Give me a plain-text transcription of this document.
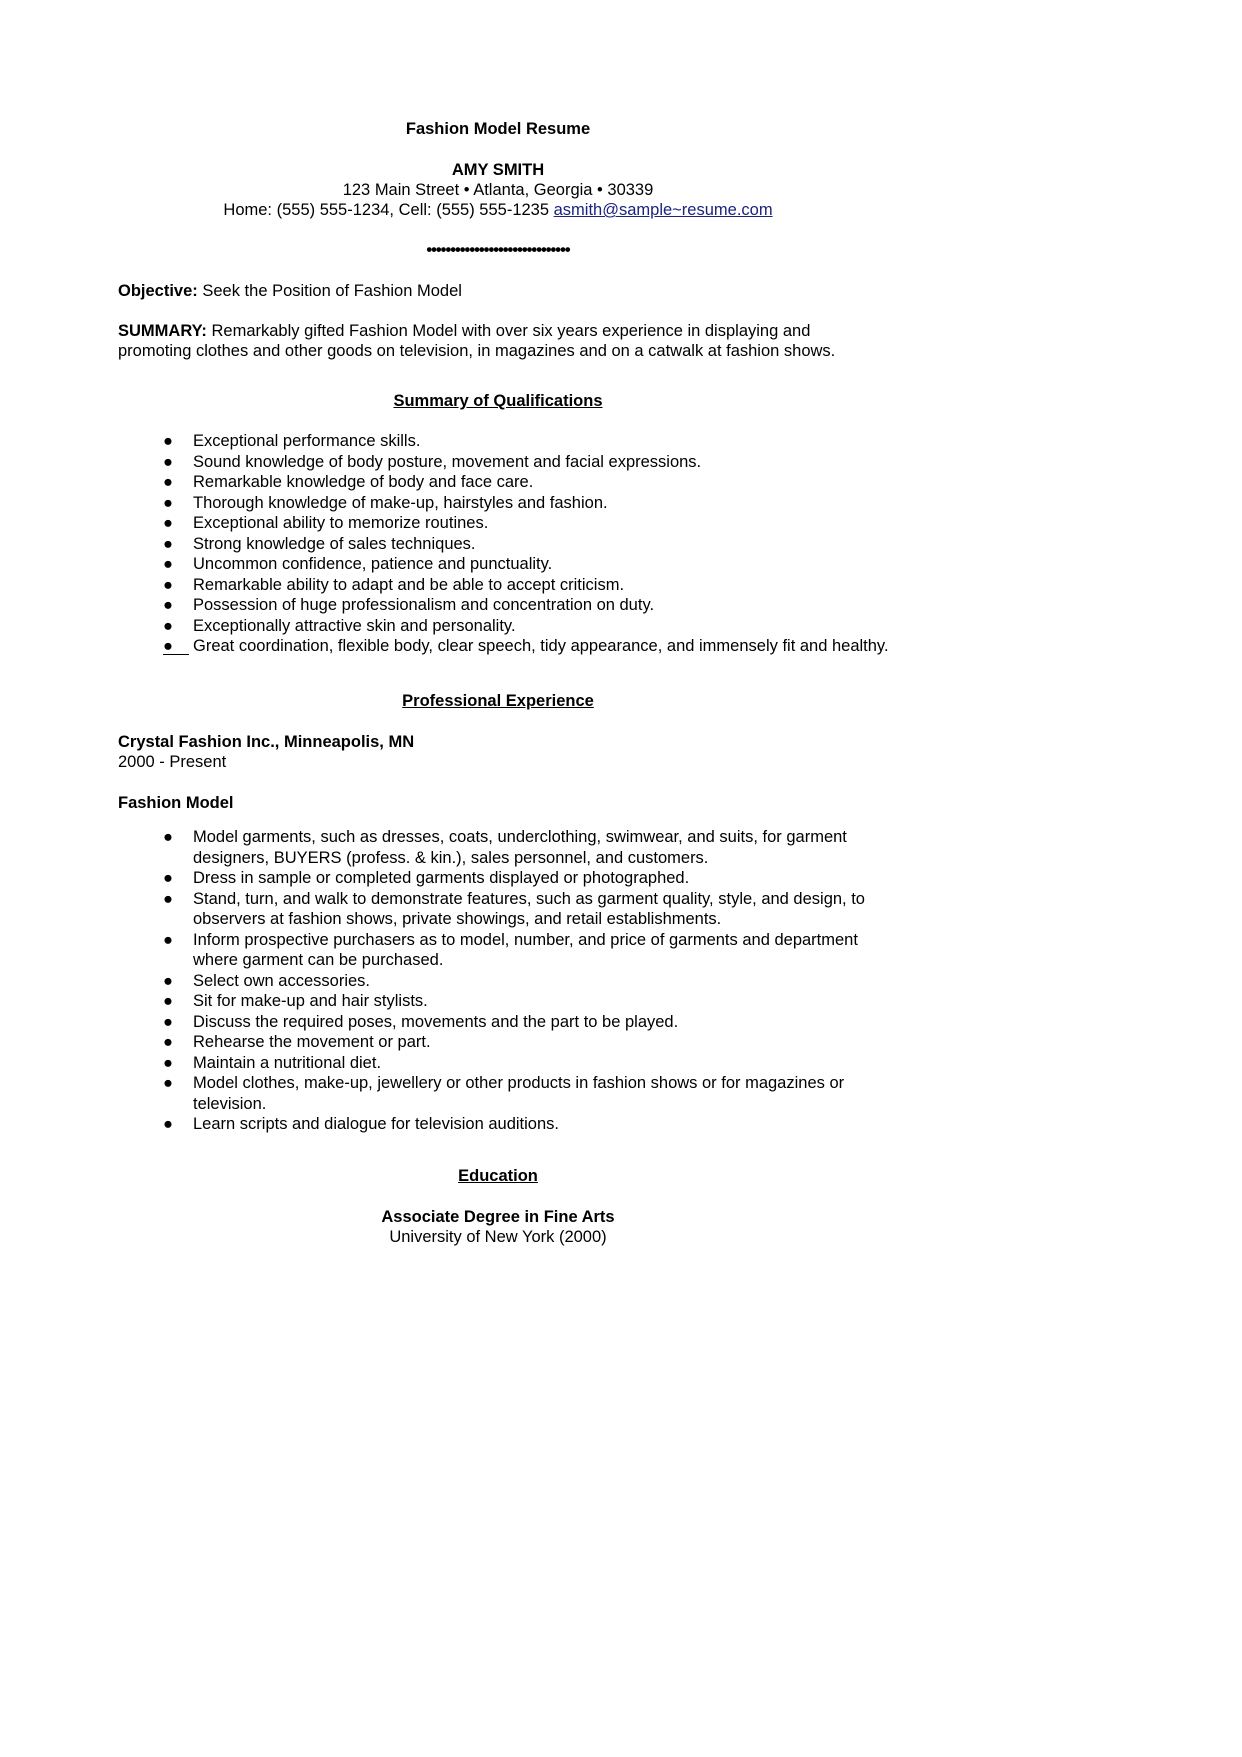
Fashion Model Resume
AMY SMITH
123 Main Street • Atlanta, Georgia • 30339
Home: (555) 555-1234, Cell: (555) 555-1235 asmith@sample~resume.com
••••••••••••••••••••••••••••••
Objective: Seek the Position of Fashion Model
SUMMARY: Remarkably gifted Fashion Model with over six years experience in displaying and
promoting clothes and other goods on television, in magazines and on a catwalk at fashion shows.
Summary of Qualifications
●	Exceptional performance skills.
●	Sound knowledge of body posture, movement and facial expressions.
●	Remarkable knowledge of body and face care.
●	Thorough knowledge of make-up, hairstyles and fashion.
●	Exceptional ability to memorize routines.
●	Strong knowledge of sales techniques.
●	Uncommon confidence, patience and punctuality.
●	Remarkable ability to adapt and be able to accept criticism.
●	Possession of huge professionalism and concentration on duty.
●	Exceptionally attractive skin and personality.
●	Great coordination, flexible body, clear speech, tidy appearance, and immensely fit and healthy.
Professional Experience
Crystal Fashion Inc., Minneapolis, MN
2000 - Present
Fashion Model
●	Model garments, such as dresses, coats, underclothing, swimwear, and suits, for garment designers, BUYERS (profess. & kin.), sales personnel, and customers.
●	Dress in sample or completed garments displayed or photographed.
●	Stand, turn, and walk to demonstrate features, such as garment quality, style, and design, to observers at fashion shows, private showings, and retail establishments.
●	Inform prospective purchasers as to model, number, and price of garments and department where garment can be purchased.
●	Select own accessories.
●	Sit for make-up and hair stylists.
●	Discuss the required poses, movements and the part to be played.
●	Rehearse the movement or part.
●	Maintain a nutritional diet.
●	Model clothes, make-up, jewellery or other products in fashion shows or for magazines or television.
●	Learn scripts and dialogue for television auditions.
Education
Associate Degree in Fine Arts
University of New York (2000)
